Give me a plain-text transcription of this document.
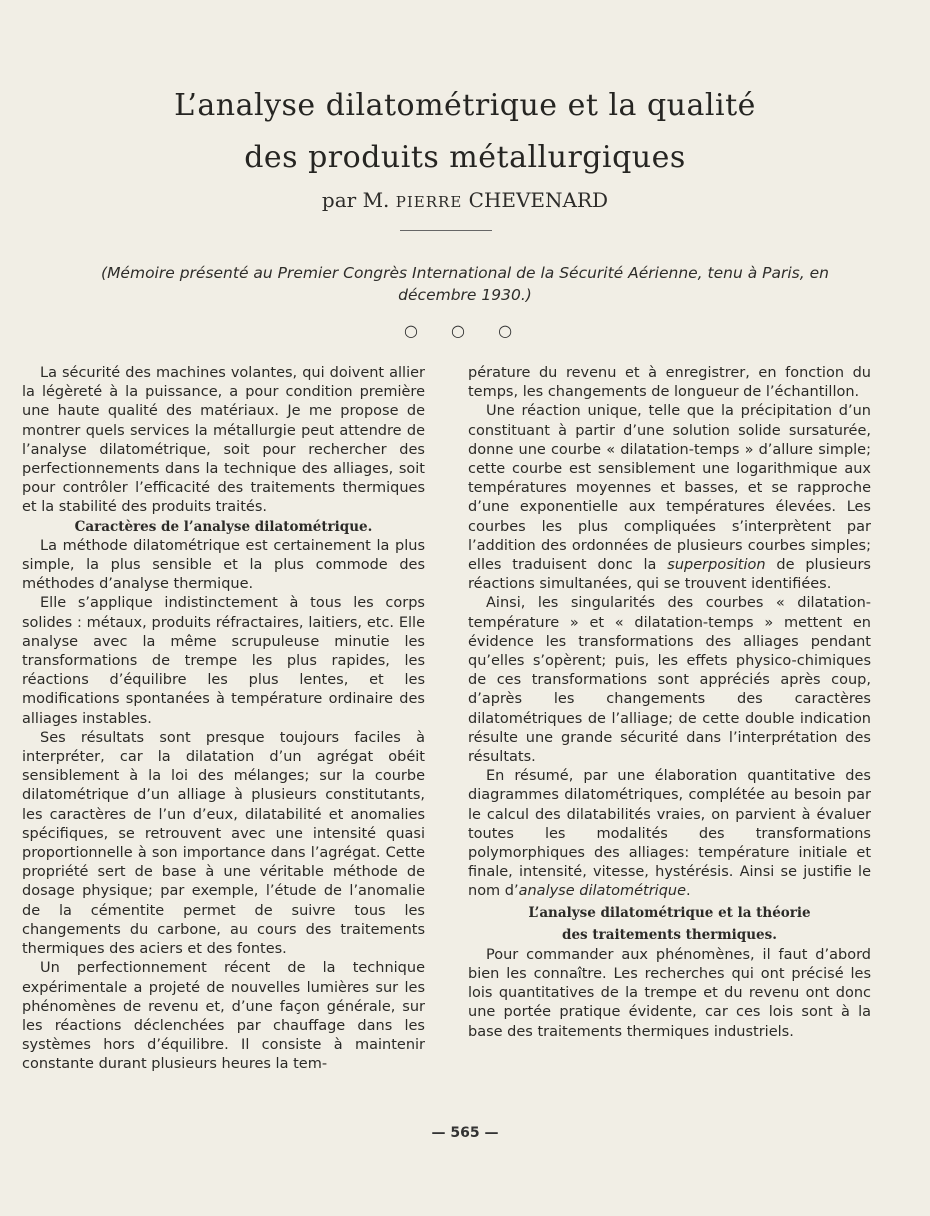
L’analyse dilatométrique et la qualité
des produits métallurgiques
par M. PIERRE CHEVENARD
(Mémoire présenté au Premier Congrès International de la Sécurité Aérienne, tenu à Paris, en décembre 1930.)
○ ○ ○

La sécurité des machines volantes, qui doivent allier la légèreté à la puissance, a pour condition première une haute qualité des matériaux. Je me propose de montrer quels services la métallurgie peut attendre de l’analyse dilatométrique, soit pour rechercher des perfectionnements dans la technique des alliages, soit pour contrôler l’efficacité des traitements thermiques et la stabilité des produits traités.

Caractères de l’analyse dilatométrique.

La méthode dilatométrique est certainement la plus simple, la plus sensible et la plus commode des méthodes d’analyse thermique.

Elle s’applique indistinctement à tous les corps solides : métaux, produits réfractaires, laitiers, etc. Elle analyse avec la même scrupuleuse minutie les transformations de trempe les plus rapides, les réactions d’équilibre les plus lentes, et les modifications spontanées à température ordinaire des alliages instables.

Ses résultats sont presque toujours faciles à interpréter, car la dilatation d’un agrégat obéit sensiblement à la loi des mélanges; sur la courbe dilatométrique d’un alliage à plusieurs constitutants, les caractères de l’un d’eux, dilatabilité et anomalies spécifiques, se retrouvent avec une intensité quasi proportionnelle à son importance dans l’agrégat. Cette propriété sert de base à une véritable méthode de dosage physique; par exemple, l’étude de l’anomalie de la cémentite permet de suivre tous les changements du carbone, au cours des traitements thermiques des aciers et des fontes.

Un perfectionnement récent de la technique expérimentale a projeté de nouvelles lumières sur les phénomènes de revenu et, d’une façon générale, sur les réactions déclenchées par chauffage dans les systèmes hors d’équilibre. Il consiste à maintenir constante durant plusieurs heures la tem-

pérature du revenu et à enregistrer, en fonction du temps, les changements de longueur de l’échantillon.

Une réaction unique, telle que la précipitation d’un constituant à partir d’une solution solide sursaturée, donne une courbe « dilatation-temps » d’allure simple; cette courbe est sensiblement une logarithmique aux températures moyennes et basses, et se rapproche d’une exponentielle aux températures élevées. Les courbes les plus compliquées s’interprètent par l’addition des ordonnées de plusieurs courbes simples; elles traduisent donc la superposition de plusieurs réactions simultanées, qui se trouvent identifiées.

Ainsi, les singularités des courbes « dilatation-température » et « dilatation-temps » mettent en évidence les transformations des alliages pendant qu’elles s’opèrent; puis, les effets physico-chimiques de ces transformations sont appréciés après coup, d’après les changements des caractères dilatométriques de l’alliage; de cette double indication résulte une grande sécurité dans l’interprétation des résultats.

En résumé, par une élaboration quantitative des diagrammes dilatométriques, complétée au besoin par le calcul des dilatabilités vraies, on parvient à évaluer toutes les modalités des transformations polymorphiques des alliages: température initiale et finale, intensité, vitesse, hystérésis. Ainsi se justifie le nom d’analyse dilatométrique.

L’analyse dilatométrique et la théorie
des traitements thermiques.

Pour commander aux phénomènes, il faut d’abord bien les connaître. Les recherches qui ont précisé les lois quantitatives de la trempe et du revenu ont donc une portée pratique évidente, car ces lois sont à la base des traitements thermiques industriels.

— 565 —
